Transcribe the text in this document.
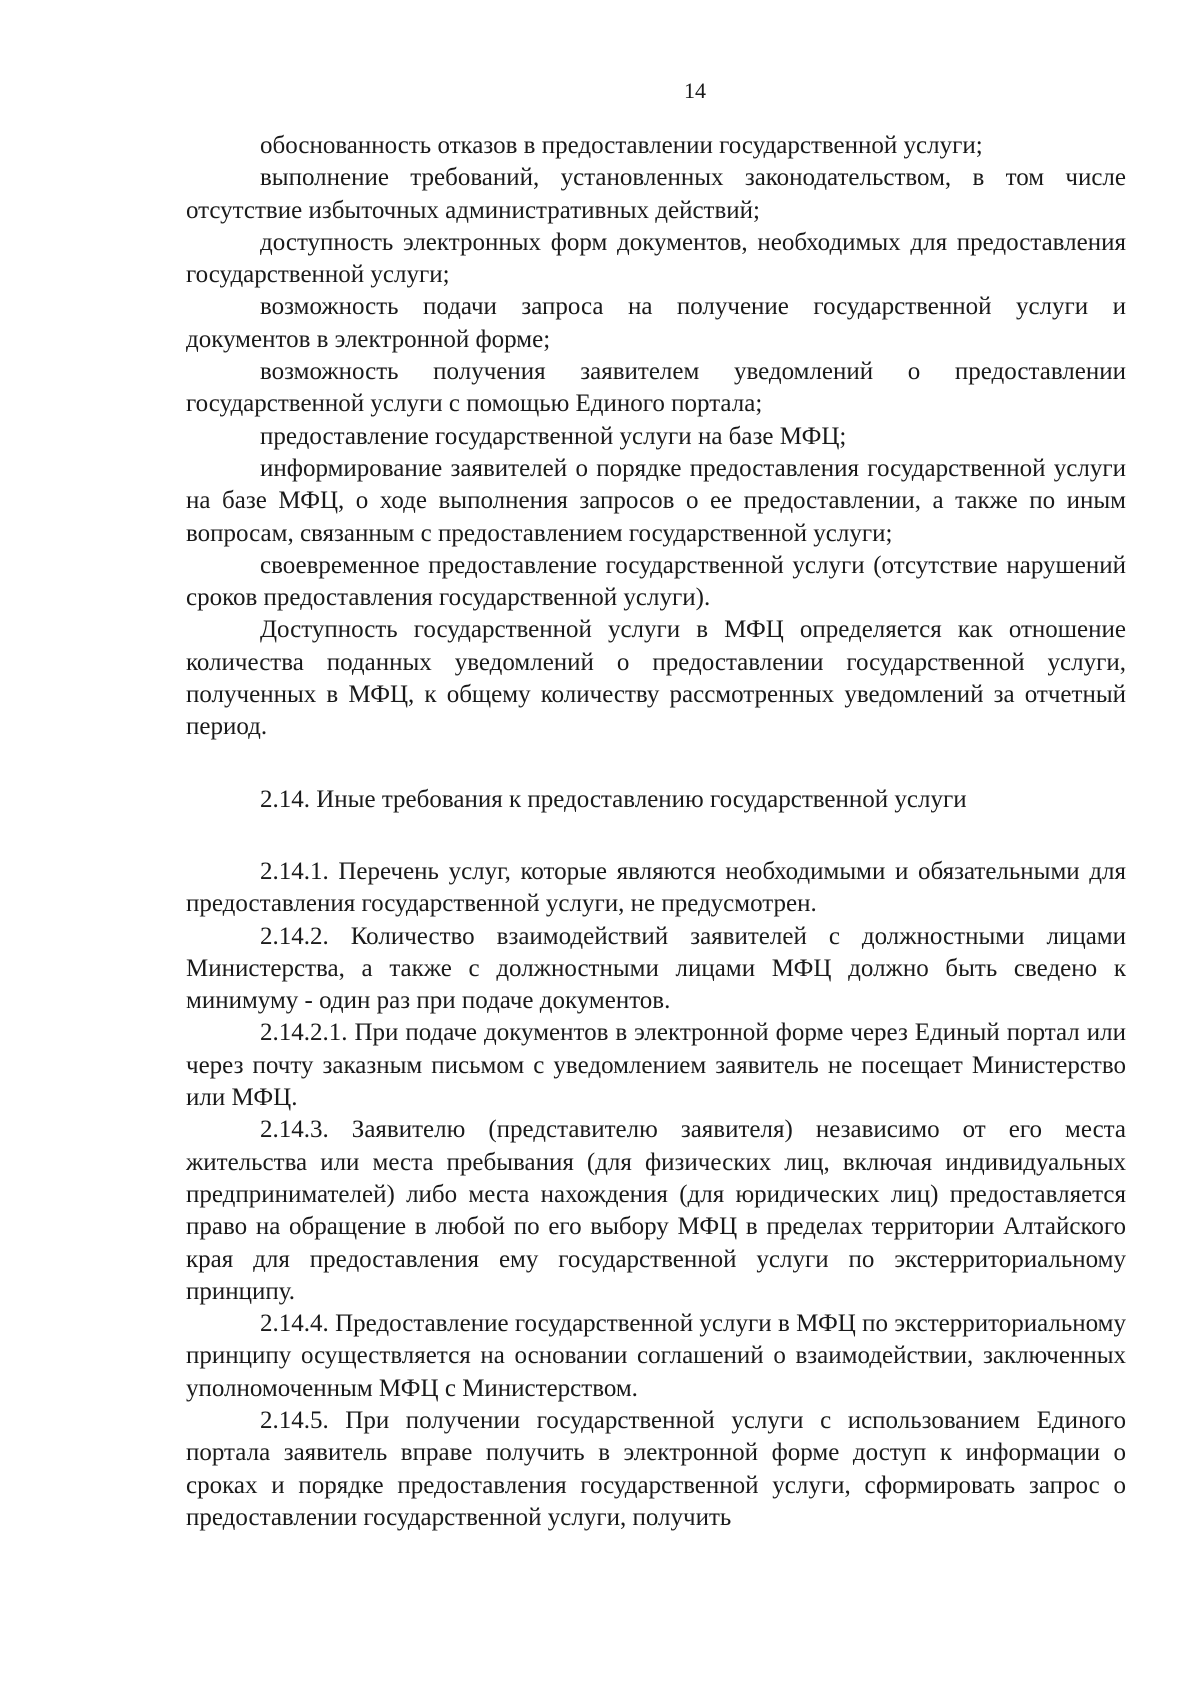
14

обоснованность отказов в предоставлении государственной услуги;

выполнение требований, установленных законодательством, в том числе отсутствие избыточных административных действий;

доступность электронных форм документов, необходимых для предоставления государственной услуги;

возможность подачи запроса на получение государственной услуги и документов в электронной форме;

возможность получения заявителем уведомлений о предоставлении государственной услуги с помощью Единого портала;

предоставление государственной услуги на базе МФЦ;

информирование заявителей о порядке предоставления государственной услуги на базе МФЦ, о ходе выполнения запросов о ее предоставлении, а также по иным вопросам, связанным с предоставлением государственной услуги;

своевременное предоставление государственной услуги (отсутствие нарушений сроков предоставления государственной услуги).

Доступность государственной услуги в МФЦ определяется как отношение количества поданных уведомлений о предоставлении государственной услуги, полученных в МФЦ, к общему количеству рассмотренных уведомлений за отчетный период.

2.14. Иные требования к предоставлению государственной услуги

2.14.1. Перечень услуг, которые являются необходимыми и обязательными для предоставления государственной услуги, не предусмотрен.

2.14.2. Количество взаимодействий заявителей с должностными лицами Министерства, а также с должностными лицами МФЦ должно быть сведено к минимуму - один раз при подаче документов.

2.14.2.1. При подаче документов в электронной форме через Единый портал или через почту заказным письмом с уведомлением заявитель не посещает Министерство или МФЦ.

2.14.3. Заявителю (представителю заявителя) независимо от его места жительства или места пребывания (для физических лиц, включая индивидуальных предпринимателей) либо места нахождения (для юридических лиц) предоставляется право на обращение в любой по его выбору МФЦ в пределах территории Алтайского края для предоставления ему государственной услуги по экстерриториальному принципу.

2.14.4. Предоставление государственной услуги в МФЦ по экстерриториальному принципу осуществляется на основании соглашений о взаимодействии, заключенных уполномоченным МФЦ с Министерством.

2.14.5. При получении государственной услуги с использованием Единого портала заявитель вправе получить в электронной форме доступ к информации о сроках и порядке предоставления государственной услуги, сформировать запрос о предоставлении государственной услуги, получить
